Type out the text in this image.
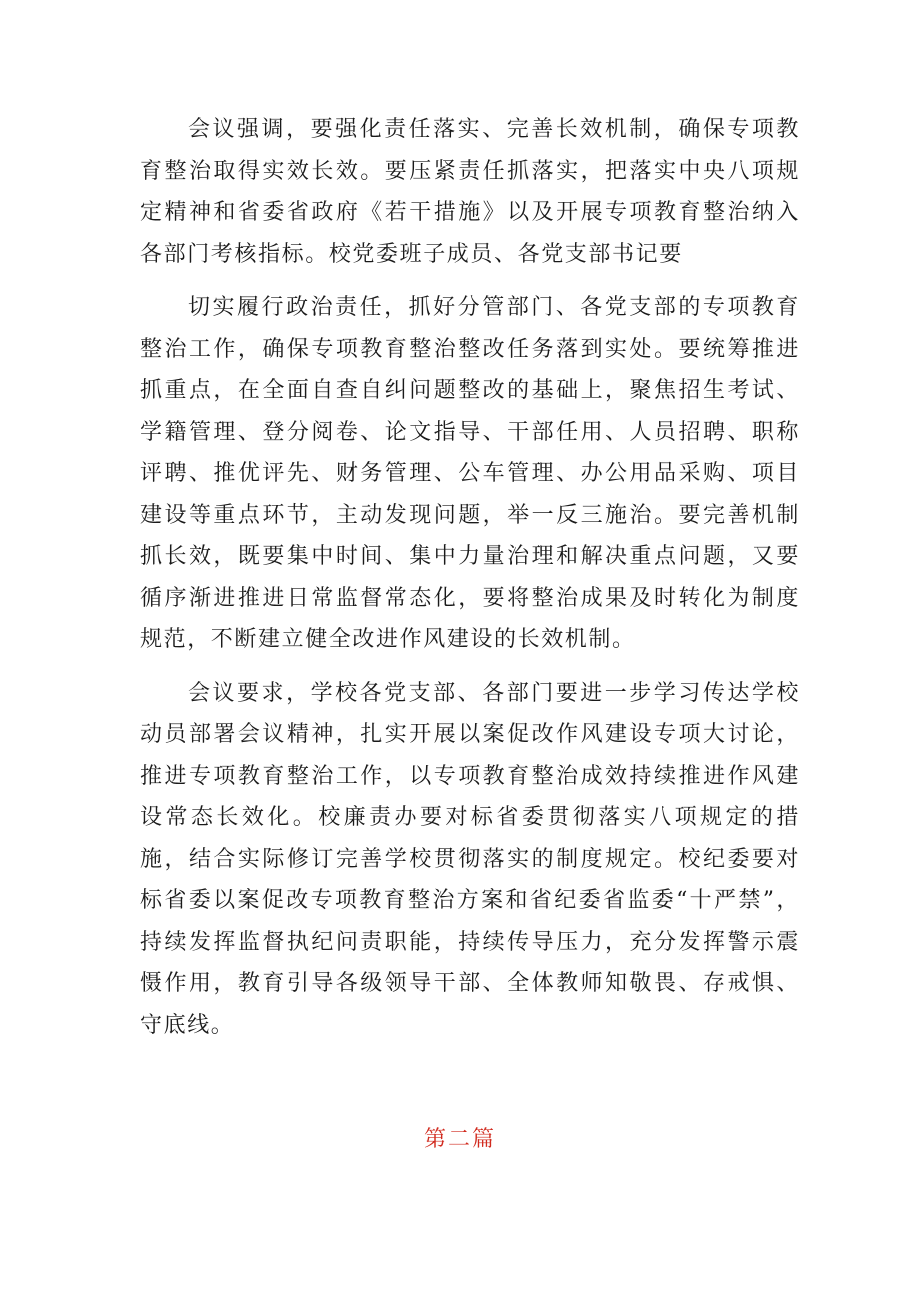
会议强调，要强化责任落实、完善长效机制，确保专项教育整治取得实效长效。要压紧责任抓落实，把落实中央八项规定精神和省委省政府《若干措施》以及开展专项教育整治纳入各部门考核指标。校党委班子成员、各党支部书记要

切实履行政治责任，抓好分管部门、各党支部的专项教育整治工作，确保专项教育整治整改任务落到实处。要统筹推进抓重点，在全面自查自纠问题整改的基础上，聚焦招生考试、学籍管理、登分阅卷、论文指导、干部任用、人员招聘、职称评聘、推优评先、财务管理、公车管理、办公用品采购、项目建设等重点环节，主动发现问题，举一反三施治。要完善机制抓长效，既要集中时间、集中力量治理和解决重点问题，又要循序渐进推进日常监督常态化，要将整治成果及时转化为制度规范，不断建立健全改进作风建设的长效机制。

会议要求，学校各党支部、各部门要进一步学习传达学校动员部署会议精神，扎实开展以案促改作风建设专项大讨论，推进专项教育整治工作，以专项教育整治成效持续推进作风建设常态长效化。校廉责办要对标省委贯彻落实八项规定的措施，结合实际修订完善学校贯彻落实的制度规定。校纪委要对标省委以案促改专项教育整治方案和省纪委省监委“十严禁”，持续发挥监督执纪问责职能，持续传导压力，充分发挥警示震慑作用，教育引导各级领导干部、全体教师知敬畏、存戒惧、守底线。

第二篇
